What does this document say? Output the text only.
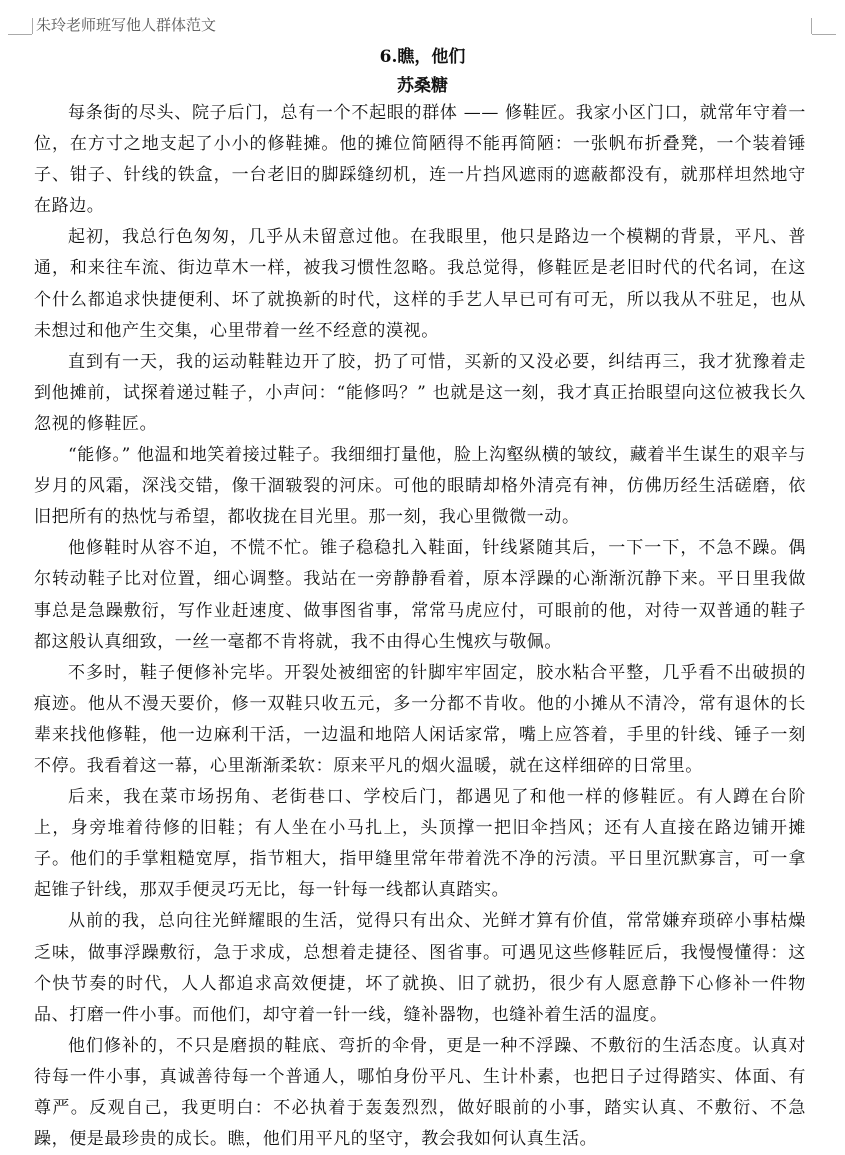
朱玲老师班写他人群体范文
6.瞧，他们
苏桑糖

每条街的尽头、院子后门，总有一个不起眼的群体 —— 修鞋匠。我家小区门口，就常年守着一位，在方寸之地支起了小小的修鞋摊。他的摊位简陋得不能再简陋：一张帆布折叠凳，一个装着锤子、钳子、针线的铁盒，一台老旧的脚踩缝纫机，连一片挡风遮雨的遮蔽都没有，就那样坦然地守在路边。

起初，我总行色匆匆，几乎从未留意过他。在我眼里，他只是路边一个模糊的背景，平凡、普通，和来往车流、街边草木一样，被我习惯性忽略。我总觉得，修鞋匠是老旧时代的代名词，在这个什么都追求快捷便利、坏了就换新的时代，这样的手艺人早已可有可无，所以我从不驻足，也从未想过和他产生交集，心里带着一丝不经意的漠视。

直到有一天，我的运动鞋鞋边开了胶，扔了可惜，买新的又没必要，纠结再三，我才犹豫着走到他摊前，试探着递过鞋子，小声问：“能修吗？” 也就是这一刻，我才真正抬眼望向这位被我长久忽视的修鞋匠。

“能修。” 他温和地笑着接过鞋子。我细细打量他，脸上沟壑纵横的皱纹，藏着半生谋生的艰辛与岁月的风霜，深浅交错，像干涸皲裂的河床。可他的眼睛却格外清亮有神，仿佛历经生活磋磨，依旧把所有的热忱与希望，都收拢在目光里。那一刻，我心里微微一动。

他修鞋时从容不迫，不慌不忙。锥子稳稳扎入鞋面，针线紧随其后，一下一下，不急不躁。偶尔转动鞋子比对位置，细心调整。我站在一旁静静看着，原本浮躁的心渐渐沉静下来。平日里我做事总是急躁敷衍，写作业赶速度、做事图省事，常常马虎应付，可眼前的他，对待一双普通的鞋子都这般认真细致，一丝一毫都不肯将就，我不由得心生愧疚与敬佩。

不多时，鞋子便修补完毕。开裂处被细密的针脚牢牢固定，胶水粘合平整，几乎看不出破损的痕迹。他从不漫天要价，修一双鞋只收五元，多一分都不肯收。他的小摊从不清冷，常有退休的长辈来找他修鞋，他一边麻利干活，一边温和地陪人闲话家常，嘴上应答着，手里的针线、锤子一刻不停。我看着这一幕，心里渐渐柔软：原来平凡的烟火温暖，就在这样细碎的日常里。

后来，我在菜市场拐角、老街巷口、学校后门，都遇见了和他一样的修鞋匠。有人蹲在台阶上，身旁堆着待修的旧鞋；有人坐在小马扎上，头顶撑一把旧伞挡风；还有人直接在路边铺开摊子。他们的手掌粗糙宽厚，指节粗大，指甲缝里常年带着洗不净的污渍。平日里沉默寡言，可一拿起锥子针线，那双手便灵巧无比，每一针每一线都认真踏实。

从前的我，总向往光鲜耀眼的生活，觉得只有出众、光鲜才算有价值，常常嫌弃琐碎小事枯燥乏味，做事浮躁敷衍，急于求成，总想着走捷径、图省事。可遇见这些修鞋匠后，我慢慢懂得：这个快节奏的时代，人人都追求高效便捷，坏了就换、旧了就扔，很少有人愿意静下心修补一件物品、打磨一件小事。而他们，却守着一针一线，缝补器物，也缝补着生活的温度。

他们修补的，不只是磨损的鞋底、弯折的伞骨，更是一种不浮躁、不敷衍的生活态度。认真对待每一件小事，真诚善待每一个普通人，哪怕身份平凡、生计朴素，也把日子过得踏实、体面、有尊严。反观自己，我更明白：不必执着于轰轰烈烈，做好眼前的小事，踏实认真、不敷衍、不急躁，便是最珍贵的成长。瞧，他们用平凡的坚守，教会我如何认真生活。
